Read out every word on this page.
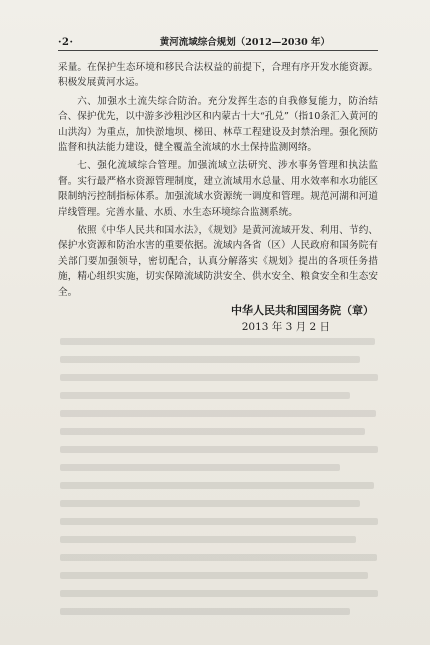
·2·	黄河流域综合规划（2012—2030 年）

采量。在保护生态环境和移民合法权益的前提下，合理有序开发水能资源。积极发展黄河水运。

六、加强水土流失综合防治。充分发挥生态的自我修复能力，防治结合、保护优先，以中游多沙粗沙区和内蒙古十大“孔兑”（指10条汇入黄河的山洪沟）为重点，加快淤地坝、梯田、林草工程建设及封禁治理。强化预防监督和执法能力建设，健全覆盖全流域的水土保持监测网络。

七、强化流域综合管理。加强流域立法研究、涉水事务管理和执法监督。实行最严格水资源管理制度，建立流域用水总量、用水效率和水功能区限制纳污控制指标体系。加强流域水资源统一调度和管理。规范河湖和河道岸线管理。完善水量、水质、水生态环境综合监测系统。

依照《中华人民共和国水法》，《规划》是黄河流域开发、利用、节约、保护水资源和防治水害的重要依据。流域内各省（区）人民政府和国务院有关部门要加强领导，密切配合，认真分解落实《规划》提出的各项任务措施，精心组织实施，切实保障流域防洪安全、供水安全、粮食安全和生态安全。

中华人民共和国国务院（章）
2013 年 3 月 2 日
